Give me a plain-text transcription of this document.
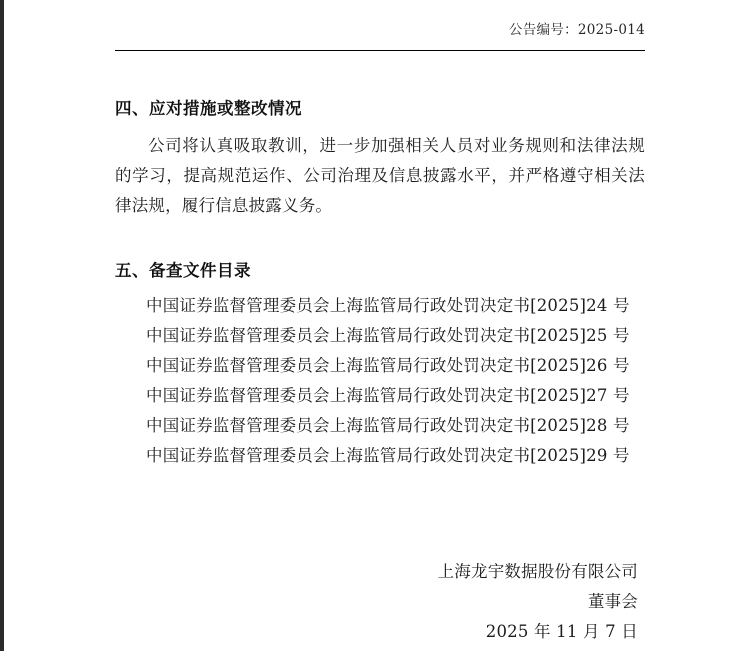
公告编号：2025-014
四、应对措施或整改情况
公司将认真吸取教训，进一步加强相关人员对业务规则和法律法规的学习，提高规范运作、公司治理及信息披露水平，并严格遵守相关法律法规，履行信息披露义务。
五、备查文件目录
中国证券监督管理委员会上海监管局行政处罚决定书[2025]24 号
中国证券监督管理委员会上海监管局行政处罚决定书[2025]25 号
中国证券监督管理委员会上海监管局行政处罚决定书[2025]26 号
中国证券监督管理委员会上海监管局行政处罚决定书[2025]27 号
中国证券监督管理委员会上海监管局行政处罚决定书[2025]28 号
中国证券监督管理委员会上海监管局行政处罚决定书[2025]29 号
上海龙宇数据股份有限公司
董事会
2025 年 11 月 7 日
